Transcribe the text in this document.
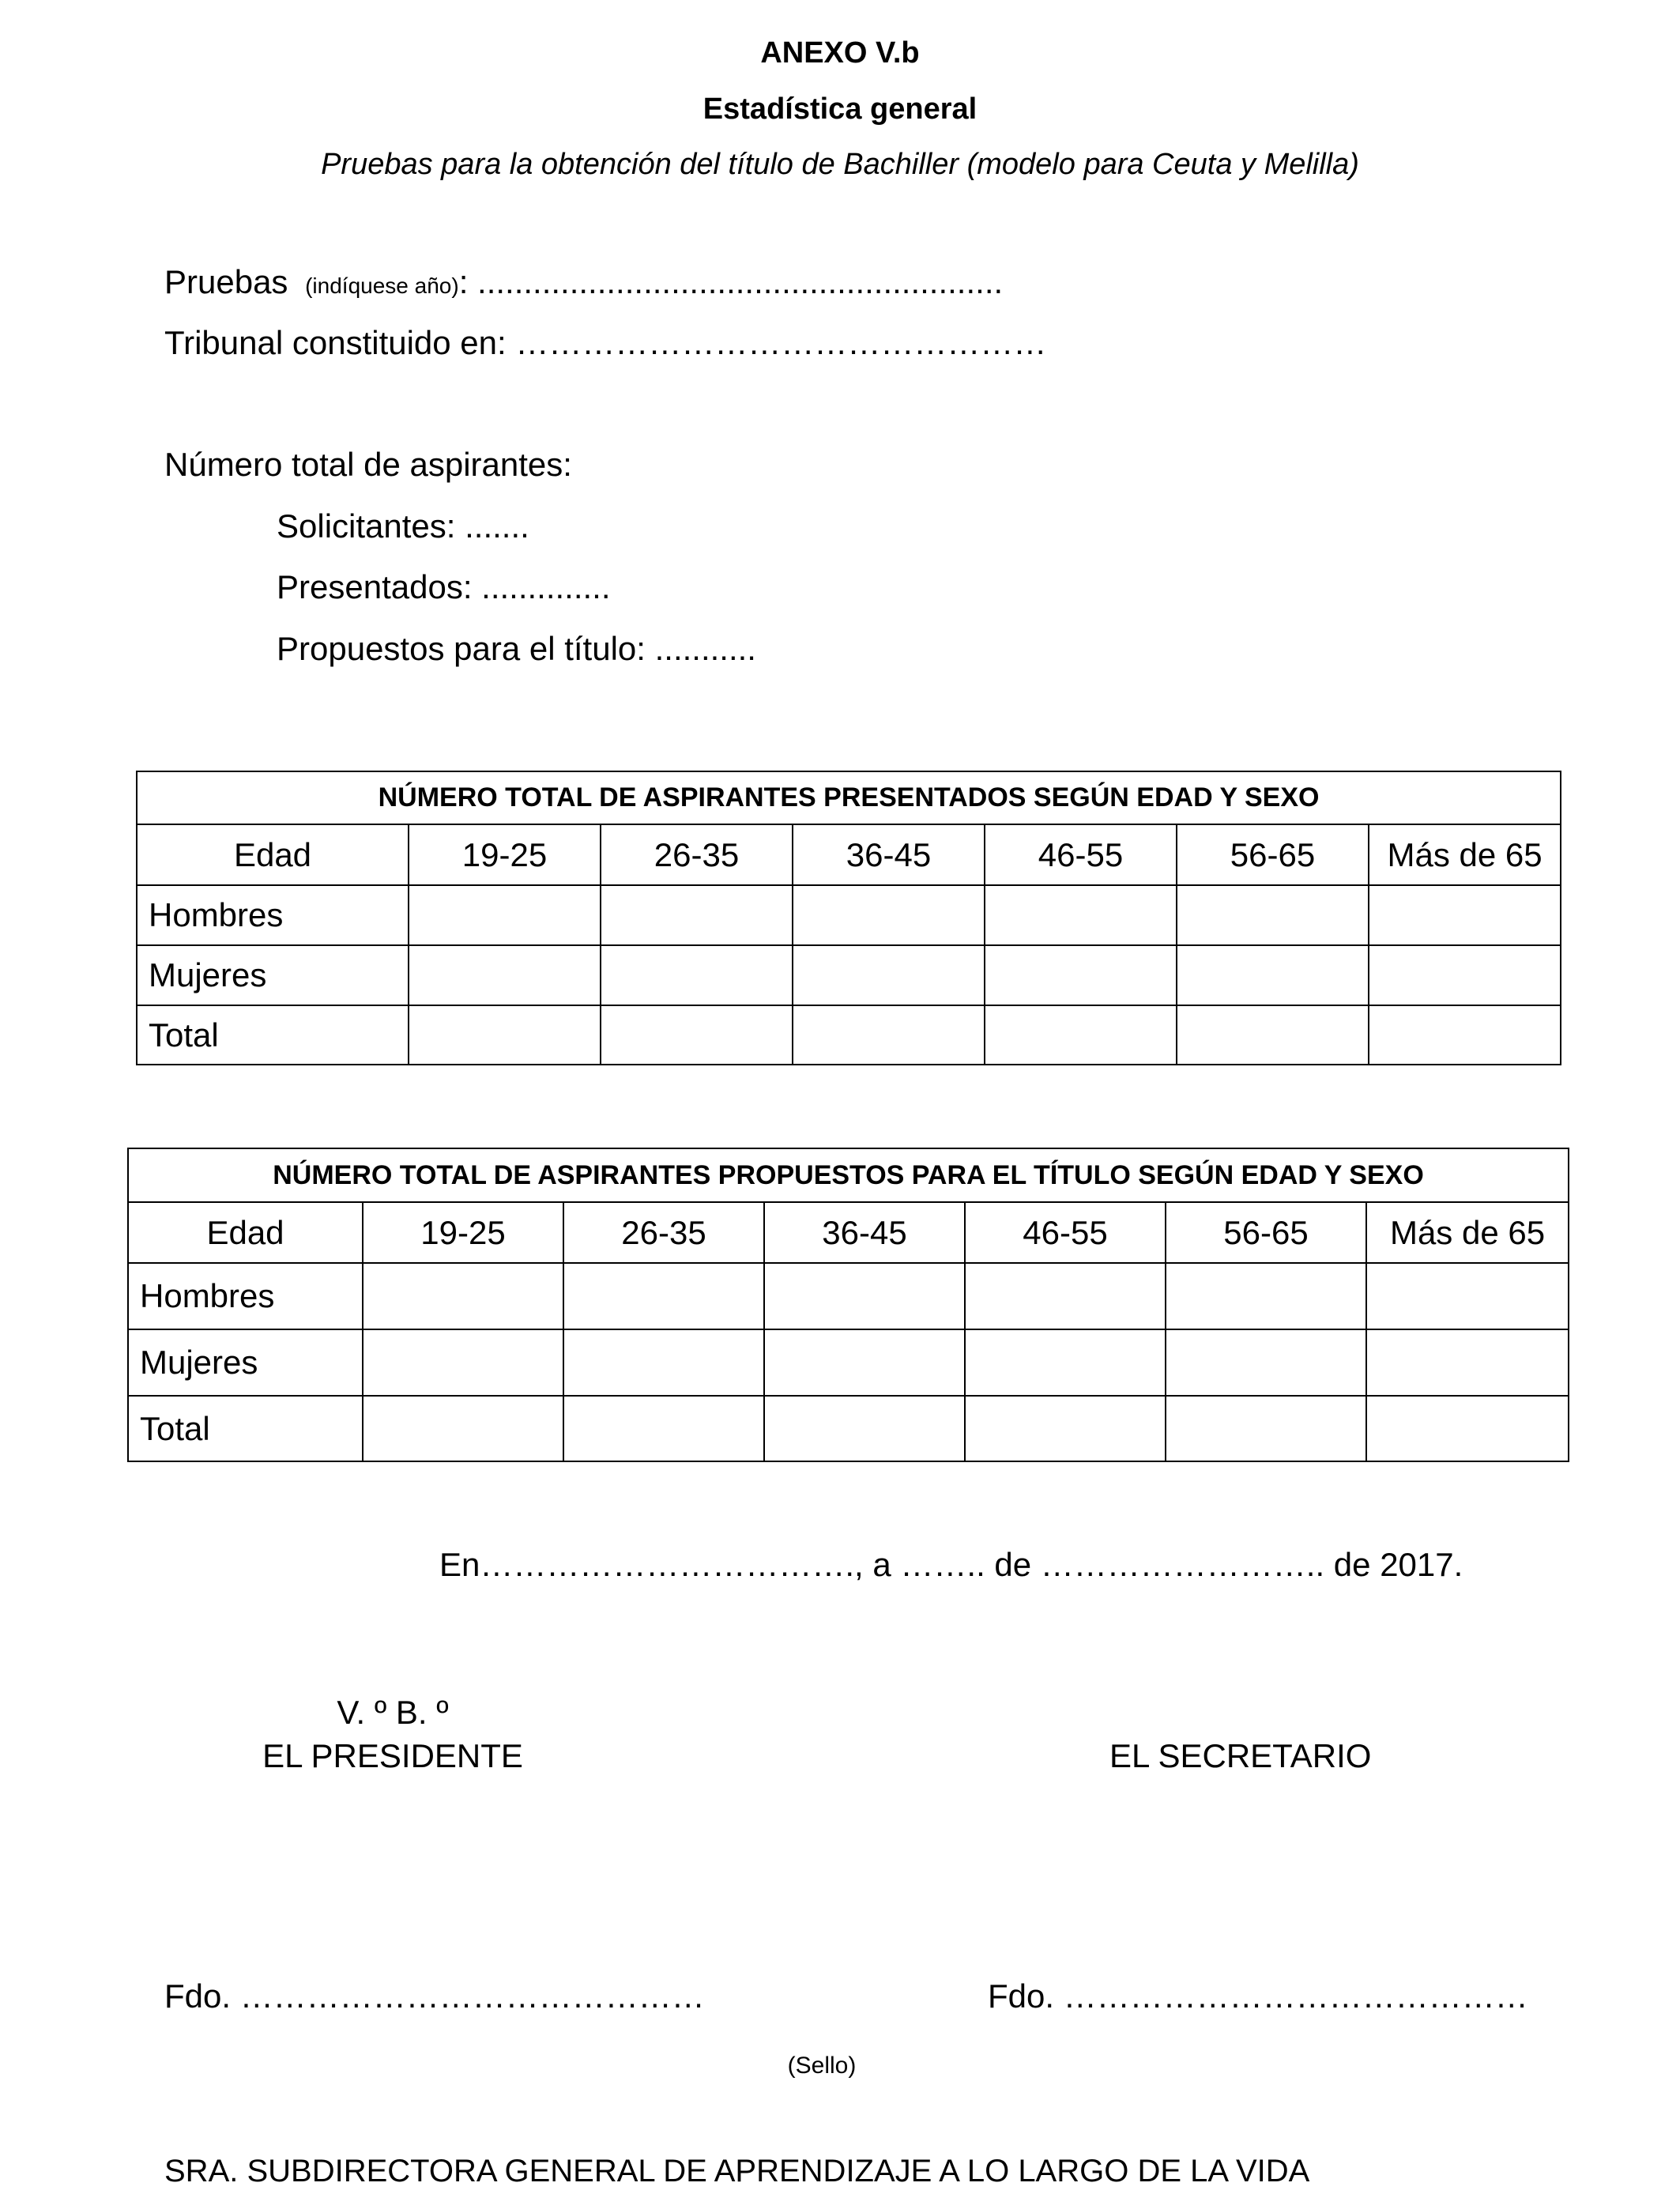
ANEXO V.b
Estadística general
Pruebas para la obtención del título de Bachiller (modelo para Ceuta y Melilla)
Pruebas (indíquese año): .........................................................
Tribunal constituido en: …………………………………………
Número total de aspirantes:
Solicitantes: .......
Presentados: ..............
Propuestos para el título: ...........
NÚMERO TOTAL DE ASPIRANTES PRESENTADOS SEGÚN EDAD Y SEXO						
Edad	19-25	26-35	36-45	46-55	56-65	Más de 65
Hombres						
Mujeres						
Total						
NÚMERO TOTAL DE ASPIRANTES PROPUESTOS PARA EL TÍTULO SEGÚN EDAD Y SEXO						
Edad	19-25	26-35	36-45	46-55	56-65	Más de 65
Hombres						
Mujeres						
Total						
En……………………………., a …….. de …………………….. de 2017.
V. º B. º
EL PRESIDENTE	EL SECRETARIO
Fdo. ……………………………………	Fdo. ……………………………………
(Sello)
SRA. SUBDIRECTORA GENERAL DE APRENDIZAJE A LO LARGO DE LA VIDA
